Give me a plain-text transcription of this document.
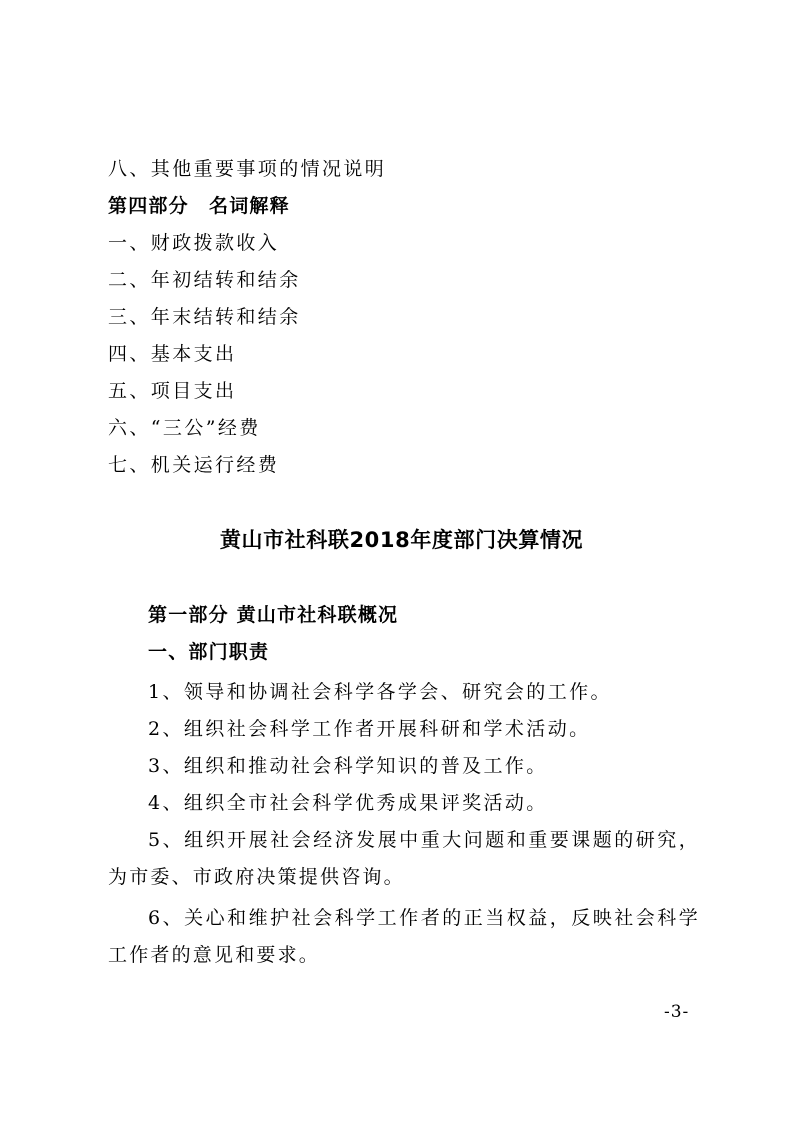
八、其他重要事项的情况说明
第四部分　名词解释
一、财政拨款收入
二、年初结转和结余
三、年末结转和结余
四、基本支出
五、项目支出
六、“三公”经费
七、机关运行经费
黄山市社科联2018年度部门决算情况
第一部分 黄山市社科联概况
一、部门职责
1、领导和协调社会科学各学会、研究会的工作。
2、组织社会科学工作者开展科研和学术活动。
3、组织和推动社会科学知识的普及工作。
4、组织全市社会科学优秀成果评奖活动。
5、组织开展社会经济发展中重大问题和重要课题的研究，为市委、市政府决策提供咨询。
6、关心和维护社会科学工作者的正当权益，反映社会科学工作者的意见和要求。
-3-
